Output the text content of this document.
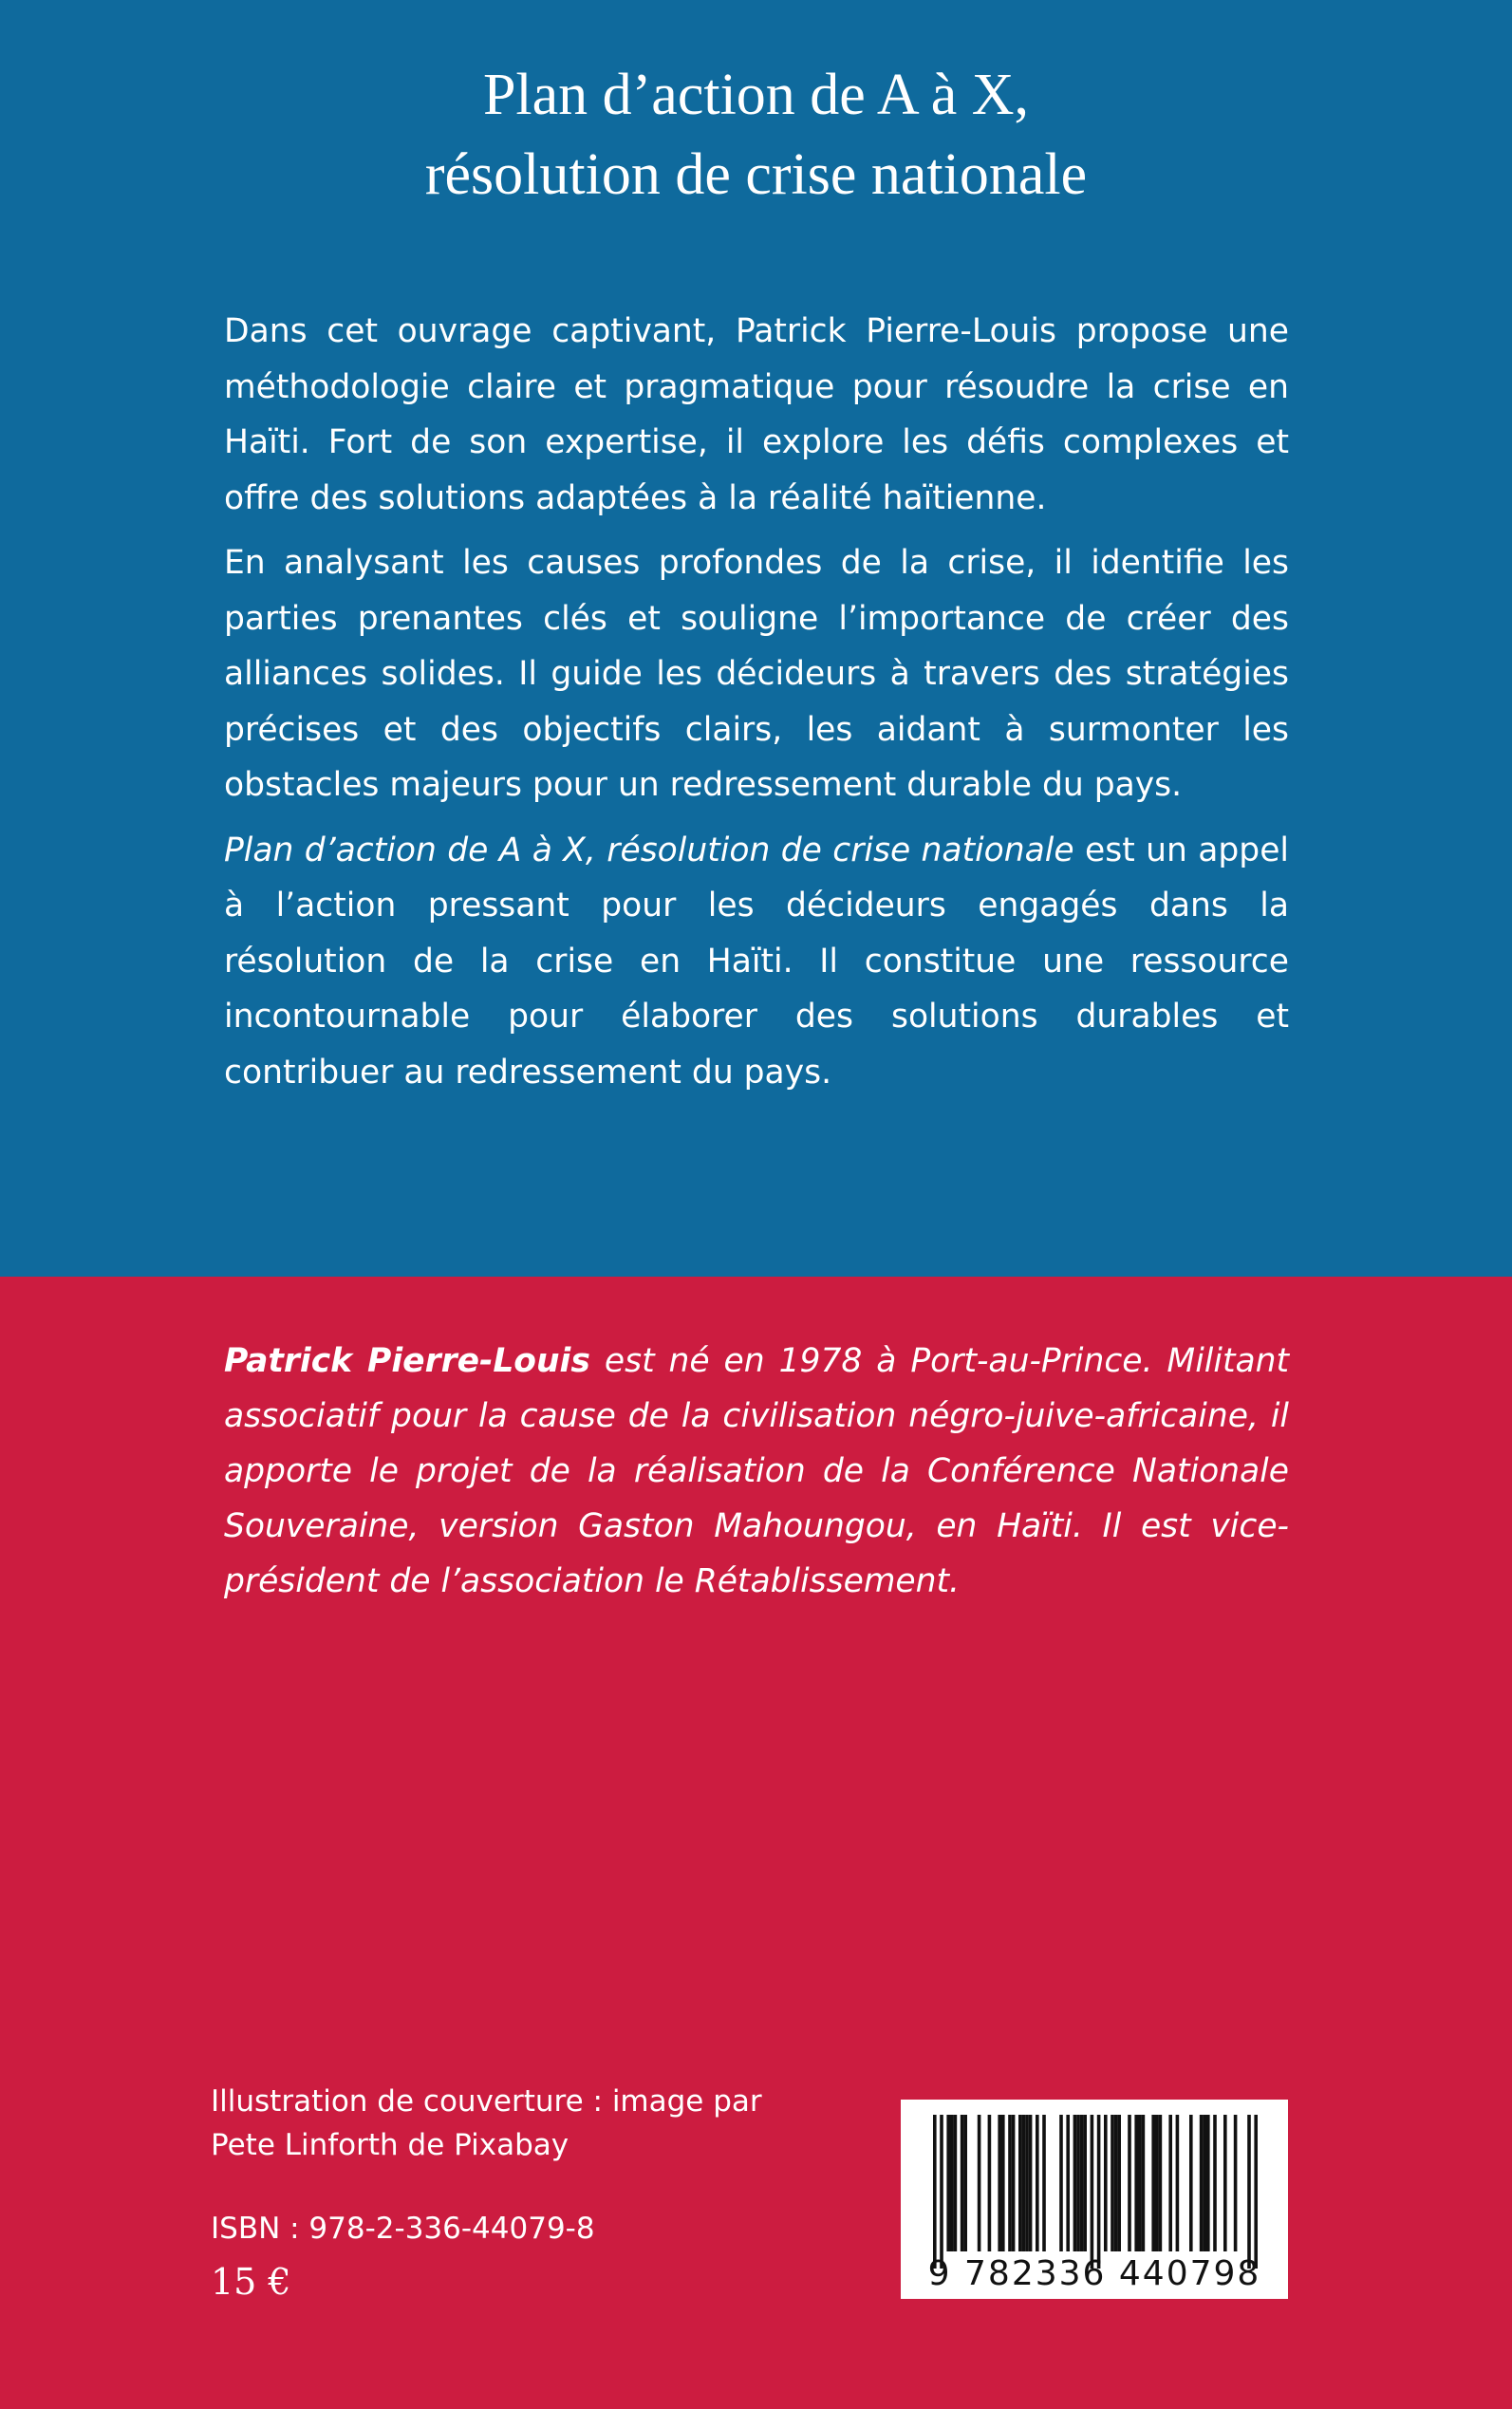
Plan d’action de A à X,
résolution de crise nationale

Dans cet ouvrage captivant, Patrick Pierre-Louis propose une méthodologie claire et pragmatique pour résoudre la crise en Haïti. Fort de son expertise, il explore les défis complexes et offre des solutions adaptées à la réalité haïtienne.

En analysant les causes profondes de la crise, il identifie les parties prenantes clés et souligne l’importance de créer des alliances solides. Il guide les décideurs à travers des stratégies précises et des objectifs clairs, les aidant à surmonter les obstacles majeurs pour un redressement durable du pays.

Plan d’action de A à X, résolution de crise nationale est un appel à l’action pressant pour les décideurs engagés dans la résolution de la crise en Haïti. Il constitue une ressource incontournable pour élaborer des solutions durables et contribuer au redressement du pays.

Patrick Pierre-Louis est né en 1978 à Port-au-Prince. Militant associatif pour la cause de la civilisation négro-juive-africaine, il apporte le projet de la réalisation de la Conférence Nationale Souveraine, version Gaston Mahoungou, en Haïti. Il est vice-président de l’association le Rétablissement.
Illustration de couverture : image par Pete Linforth de Pixabay
ISBN : 978-2-336-44079-8
15 €	9 782336 440798
